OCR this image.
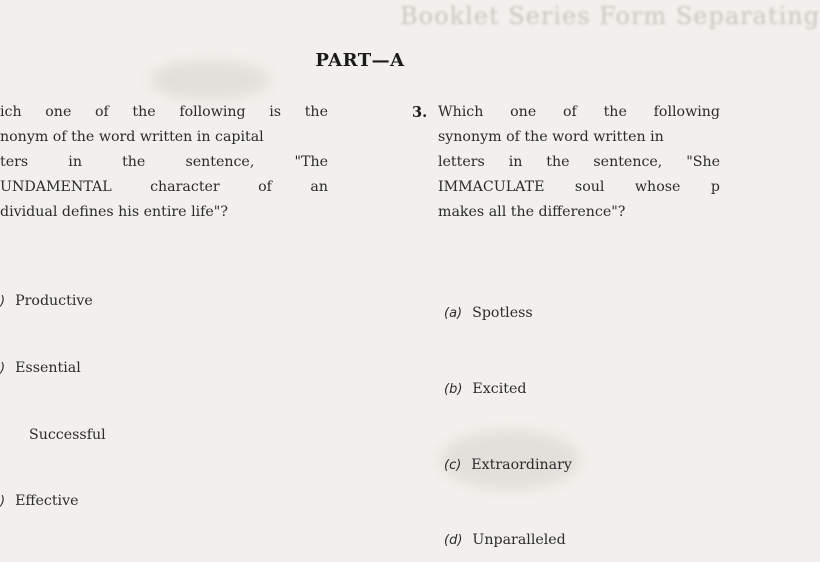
Booklet Series Form Separating
PART—A
ich one of the following is the
nonym of the word written in capital
ters	in	the	sentence,	"The
UNDAMENTAL	character	of	an
dividual defines his entire life"?
) Productive
) Essential
Successful
) Effective
3. Which one of the following
synonym of the word written in
letters in the sentence, "She
IMMACULATE soul whose p
makes all the difference"?
(a) Spotless
(b) Excited
(c) Extraordinary
(d) Unparalleled
